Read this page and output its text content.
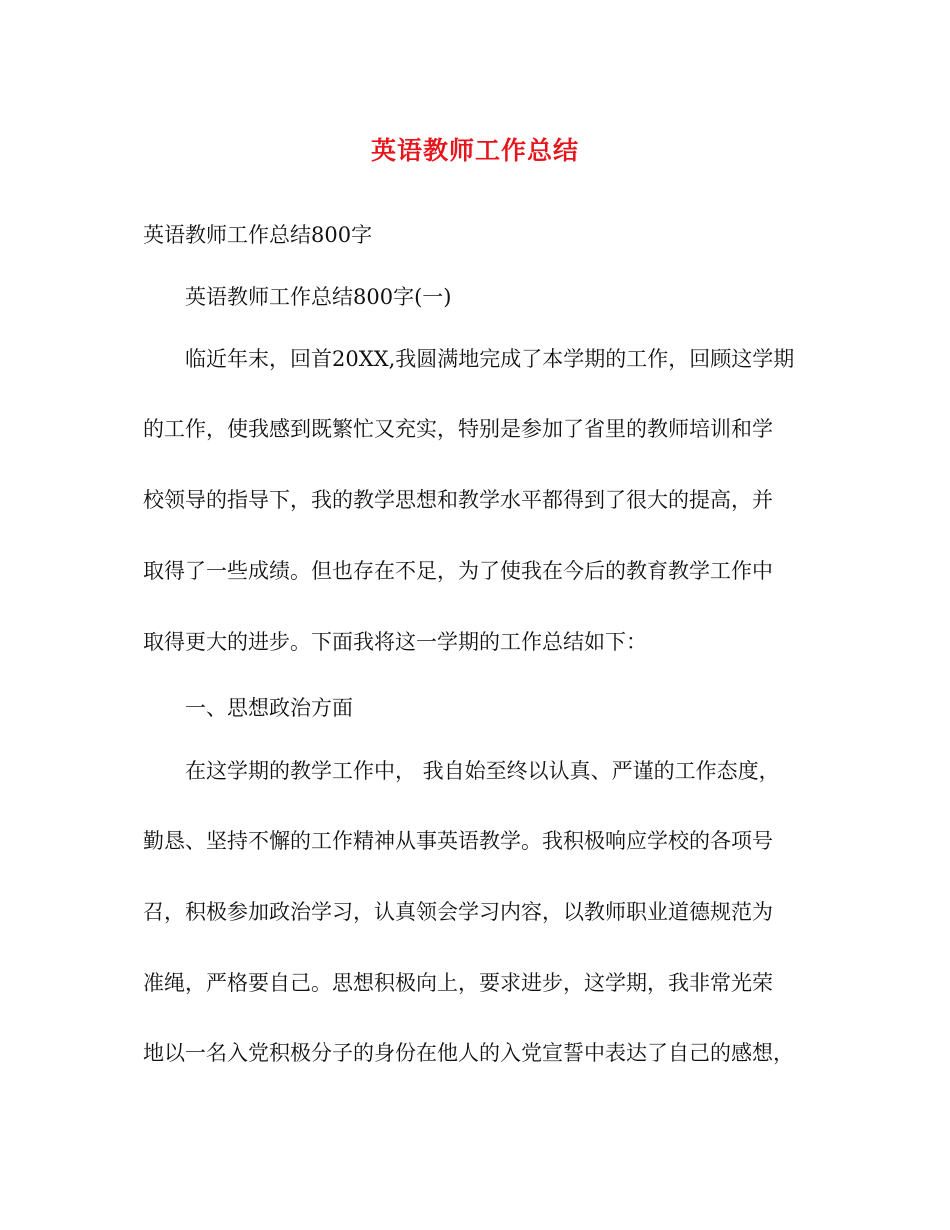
英语教师工作总结
英语教师工作总结800字
英语教师工作总结800字(一)
临近年末，回首20XX,我圆满地完成了本学期的工作，回顾这学期
的工作，使我感到既繁忙又充实，特别是参加了省里的教师培训和学
校领导的指导下，我的教学思想和教学水平都得到了很大的提高，并
取得了一些成绩。但也存在不足，为了使我在今后的教育教学工作中
取得更大的进步。下面我将这一学期的工作总结如下：
一、思想政治方面
在这学期的教学工作中， 我自始至终以认真、严谨的工作态度，
勤恳、坚持不懈的工作精神从事英语教学。我积极响应学校的各项号
召，积极参加政治学习，认真领会学习内容，以教师职业道德规范为
准绳，严格要自己。思想积极向上，要求进步，这学期，我非常光荣
地以一名入党积极分子的身份在他人的入党宣誓中表达了自己的感想，
